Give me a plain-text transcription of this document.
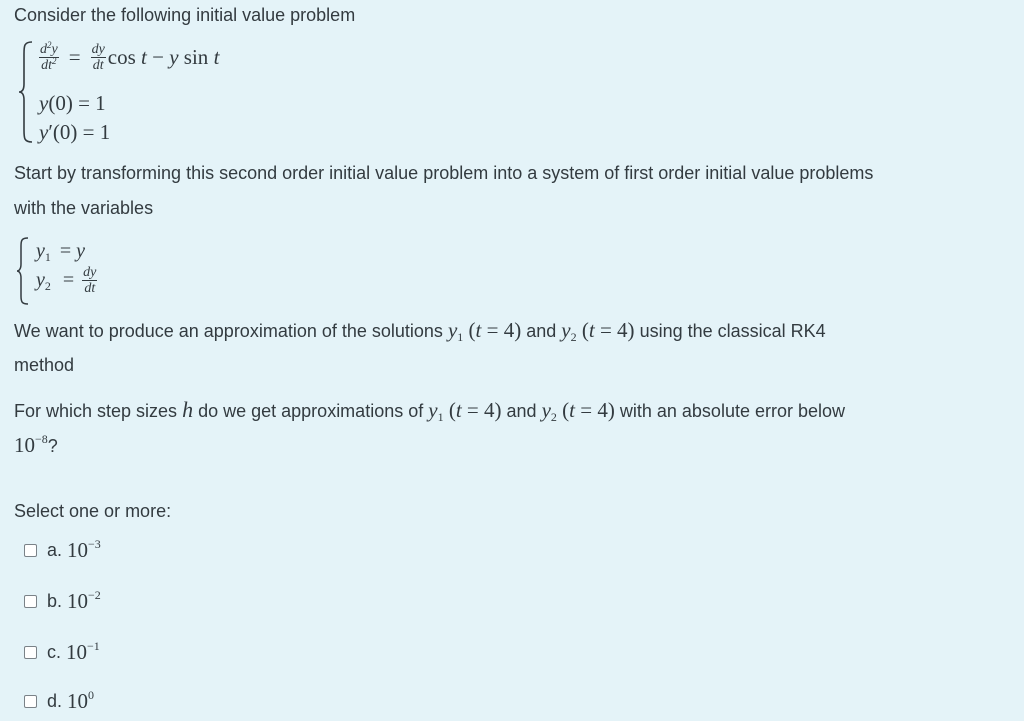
Consider the following initial value problem
$\frac{d^2y}{dt^2} = \frac{dy}{dt}$ cos t − y sin t
y(0) = 1
y′(0) = 1
Start by transforming this second order initial value problem into a system of first order initial value problems
with the variables
$y_1 = y$
$y_2 = \frac{dy}{dt}$
We want to produce an approximation of the solutions $y_1$ (t = 4) and $y_2$ (t = 4) using the classical RK4
method
For which step sizes h do we get approximations of $y_1$ (t = 4) and $y_2$ (t = 4) with an absolute error below
$10^{-8}$?
Select one or more:
a. $10^{-3}$
b. $10^{-2}$
c. $10^{-1}$
d. $10^0$
